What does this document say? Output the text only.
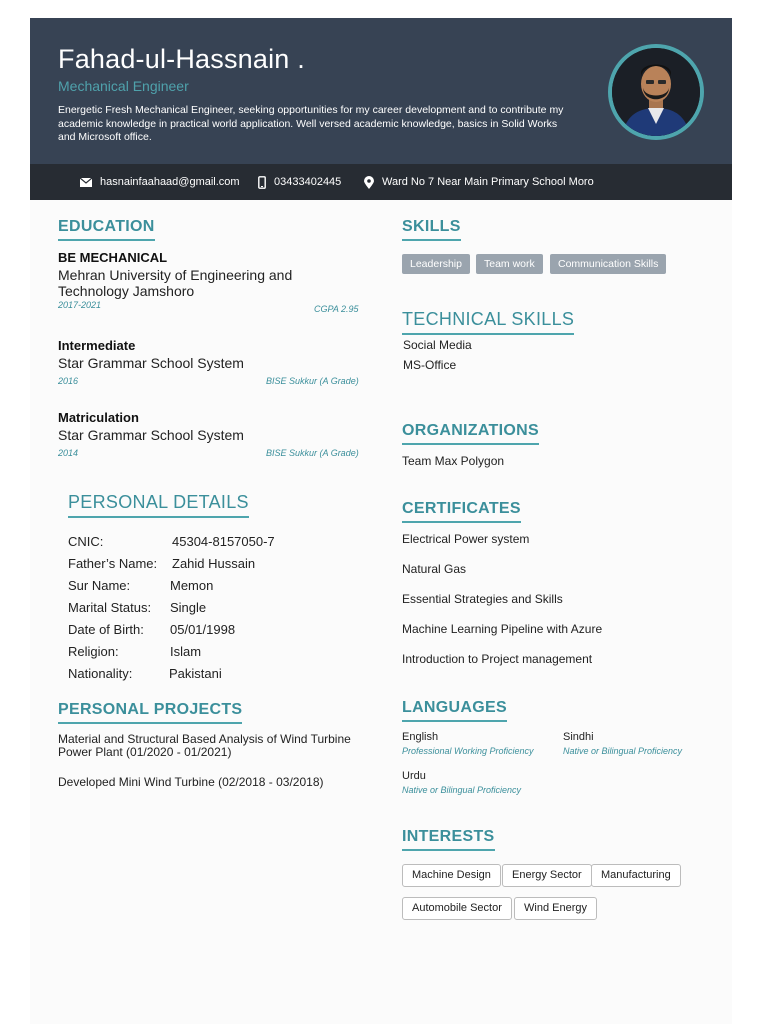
Fahad-ul-Hassnain .
Mechanical Engineer
Energetic Fresh Mechanical Engineer, seeking opportunities for my career development and to contribute my academic knowledge in practical world application. Well versed academic knowledge, basics in Solid Works and Microsoft office.
hasnainfaahaad@gmail.com	03433402445	Ward No 7 Near Main Primary School Moro
EDUCATION
BE MECHANICAL
Mehran University of Engineering and Technology Jamshoro
2017-2021	CGPA 2.95
Intermediate
Star Grammar School System
2016	BISE Sukkur (A Grade)
Matriculation
Star Grammar School System
2014	BISE Sukkur (A Grade)
PERSONAL DETAILS
CNIC:	45304-8157050-7
Father’s Name: Zahid Hussain
Sur Name:	Memon
Marital Status: Single
Date of Birth: 05/01/1998
Religion:	Islam
Nationality:	Pakistani
PERSONAL PROJECTS
Material and Structural Based Analysis of Wind Turbine Power Plant (01/2020 - 01/2021)
Developed Mini Wind Turbine (02/2018 - 03/2018)
SKILLS
Leadership	Team work	Communication Skills
TECHNICAL SKILLS
Social Media
MS-Office
ORGANIZATIONS
Team Max Polygon
CERTIFICATES
Electrical Power system
Natural Gas
Essential Strategies and Skills
Machine Learning Pipeline with Azure
Introduction to Project management
LANGUAGES
English
Professional Working Proficiency
Sindhi
Native or Bilingual Proficiency
Urdu
Native or Bilingual Proficiency
INTERESTS
Machine Design	Energy Sector	Manufacturing
Automobile Sector	Wind Energy
